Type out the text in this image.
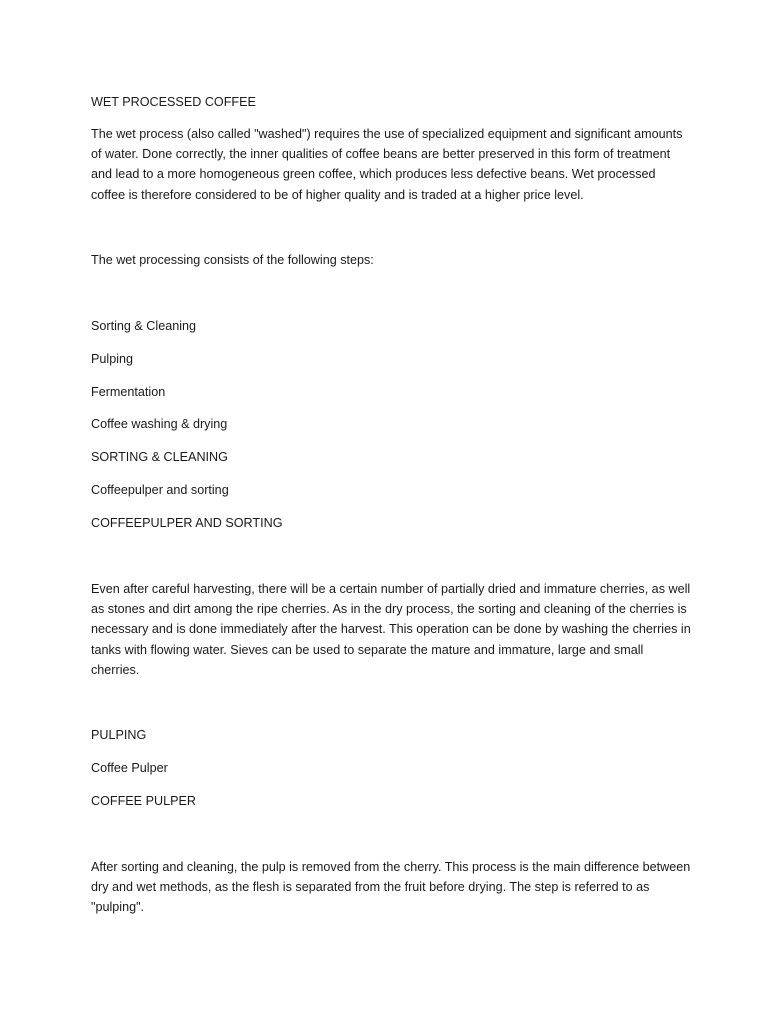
WET PROCESSED COFFEE

The wet process (also called "washed") requires the use of specialized equipment and significant amounts of water. Done correctly, the inner qualities of coffee beans are better preserved in this form of treatment and lead to a more homogeneous green coffee, which produces less defective beans. Wet processed coffee is therefore considered to be of higher quality and is traded at a higher price level.

The wet processing consists of the following steps:

Sorting & Cleaning

Pulping

Fermentation

Coffee washing & drying

SORTING & CLEANING

Coffeepulper and sorting

COFFEEPULPER AND SORTING

Even after careful harvesting, there will be a certain number of partially dried and immature cherries, as well as stones and dirt among the ripe cherries. As in the dry process, the sorting and cleaning of the cherries is necessary and is done immediately after the harvest. This operation can be done by washing the cherries in tanks with flowing water. Sieves can be used to separate the mature and immature, large and small cherries.

PULPING

Coffee Pulper

COFFEE PULPER

After sorting and cleaning, the pulp is removed from the cherry. This process is the main difference between dry and wet methods, as the flesh is separated from the fruit before drying. The step is referred to as "pulping".
